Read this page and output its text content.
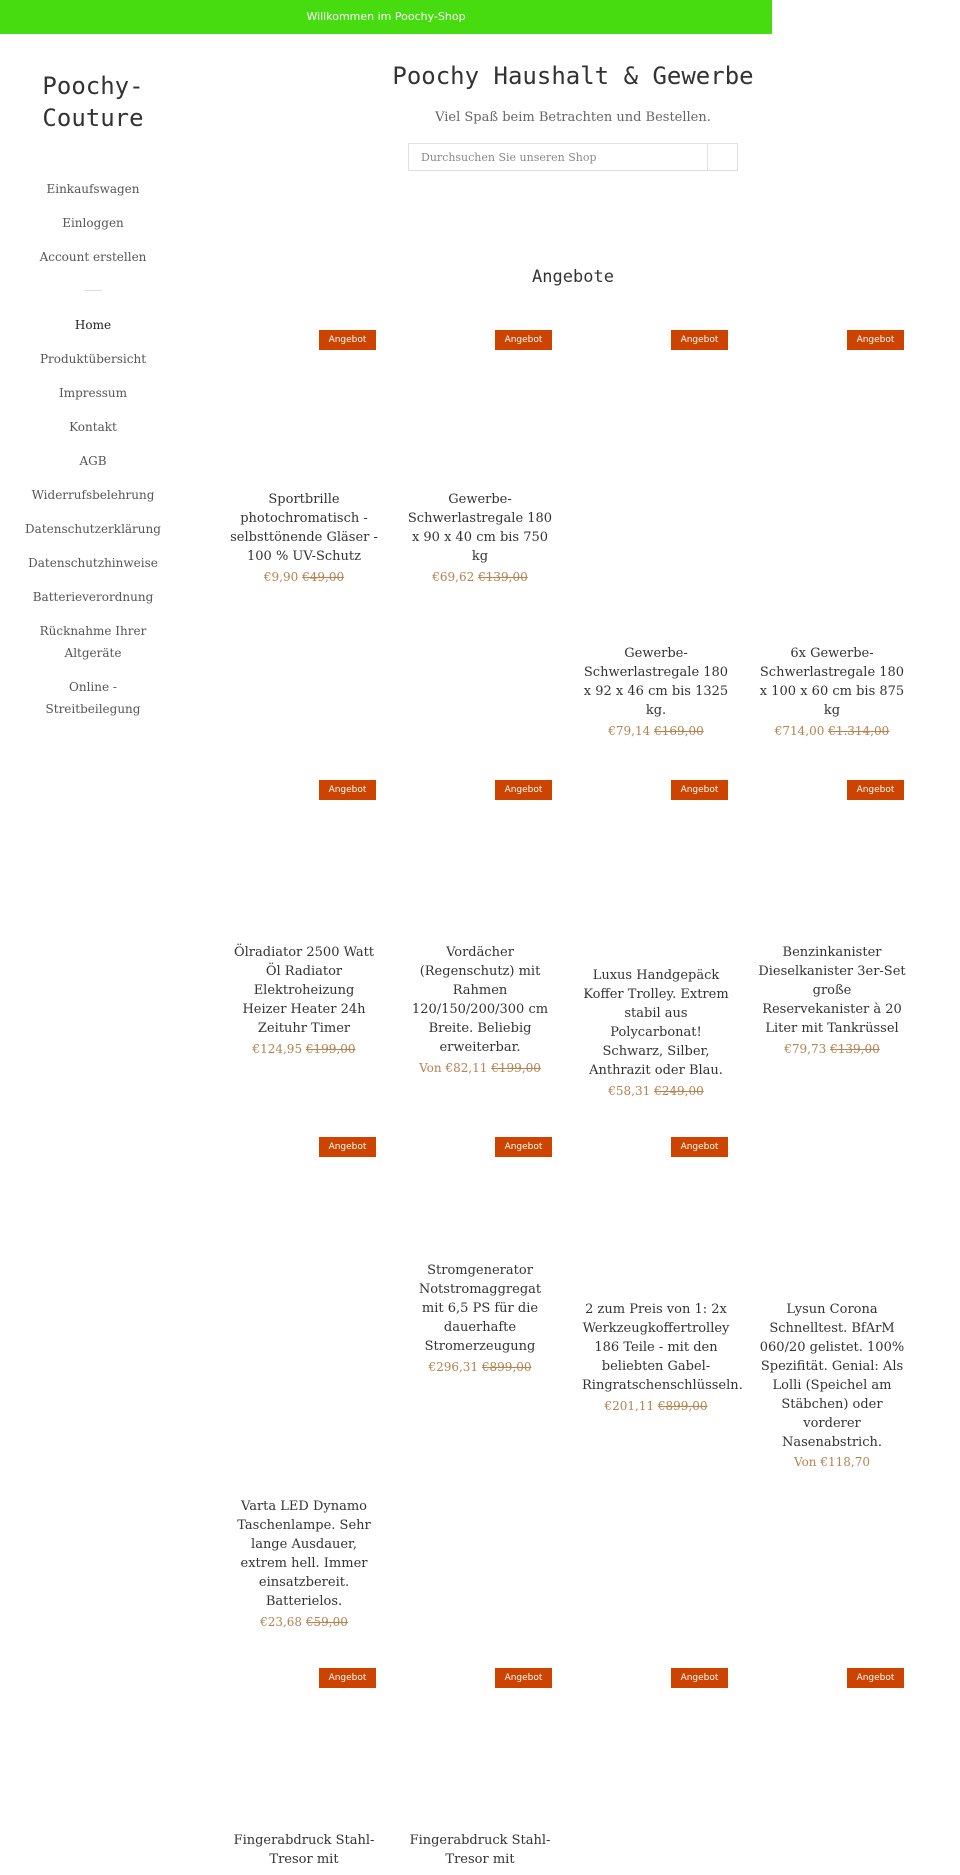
Willkommen im Poochy-Shop
Poochy-
Couture
Einkaufswagen
Einloggen
Account erstellen
Home
Produktübersicht
Impressum
Kontakt
AGB
Widerrufsbelehrung
Datenschutzerklärung
Datenschutzhinweise
Batterieverordnung
Rücknahme Ihrer Altgeräte
Online - Streitbeilegung
Poochy Haushalt & Gewerbe
Viel Spaß beim Betrachten und Bestellen.
Durchsuchen Sie unseren Shop
Angebote
Angebot
Sportbrille photochromatisch - selbsttönende Gläser - 100 % UV-Schutz
€9,90 €49,00
Angebot
Gewerbe-Schwerlastregale 180 x 90 x 40 cm bis 750 kg
€69,62 €139,00
Angebot
Gewerbe-Schwerlastregale 180 x 92 x 46 cm bis 1325 kg.
€79,14 €169,00
Angebot
6x Gewerbe-Schwerlastregale 180 x 100 x 60 cm bis 875 kg
€714,00 €1.314,00
Angebot
Ölradiator 2500 Watt Öl Radiator Elektroheizung Heizer Heater 24h Zeituhr Timer
€124,95 €199,00
Angebot
Vordächer (Regenschutz) mit Rahmen 120/150/200/300 cm Breite. Beliebig erweiterbar.
Von €82,11 €199,00
Angebot
Luxus Handgepäck Koffer Trolley. Extrem stabil aus Polycarbonat! Schwarz, Silber, Anthrazit oder Blau.
€58,31 €249,00
Angebot
Benzinkanister Dieselkanister 3er-Set große Reservekanister à 20 Liter mit Tankrüssel
€79,73 €139,00
Angebot
Varta LED Dynamo Taschenlampe. Sehr lange Ausdauer, extrem hell. Immer einsatzbereit. Batterielos.
€23,68 €59,00
Angebot
Stromgenerator Notstromaggregat mit 6,5 PS für die dauerhafte Stromerzeugung
€296,31 €899,00
Angebot
2 zum Preis von 1: 2x Werkzeugkoffertrolley 186 Teile - mit den beliebten Gabel-Ringratschenschlüsseln.
€201,11 €899,00
Lysun Corona Schnelltest. BfArM 060/20 gelistet. 100% Spezifität. Genial: Als Lolli (Speichel am Stäbchen) oder vorderer Nasenabstrich.
Von €118,70
Angebot
Fingerabdruck Stahl-Tresor mit
Angebot
Fingerabdruck Stahl-Tresor mit
Angebot	Angebot
